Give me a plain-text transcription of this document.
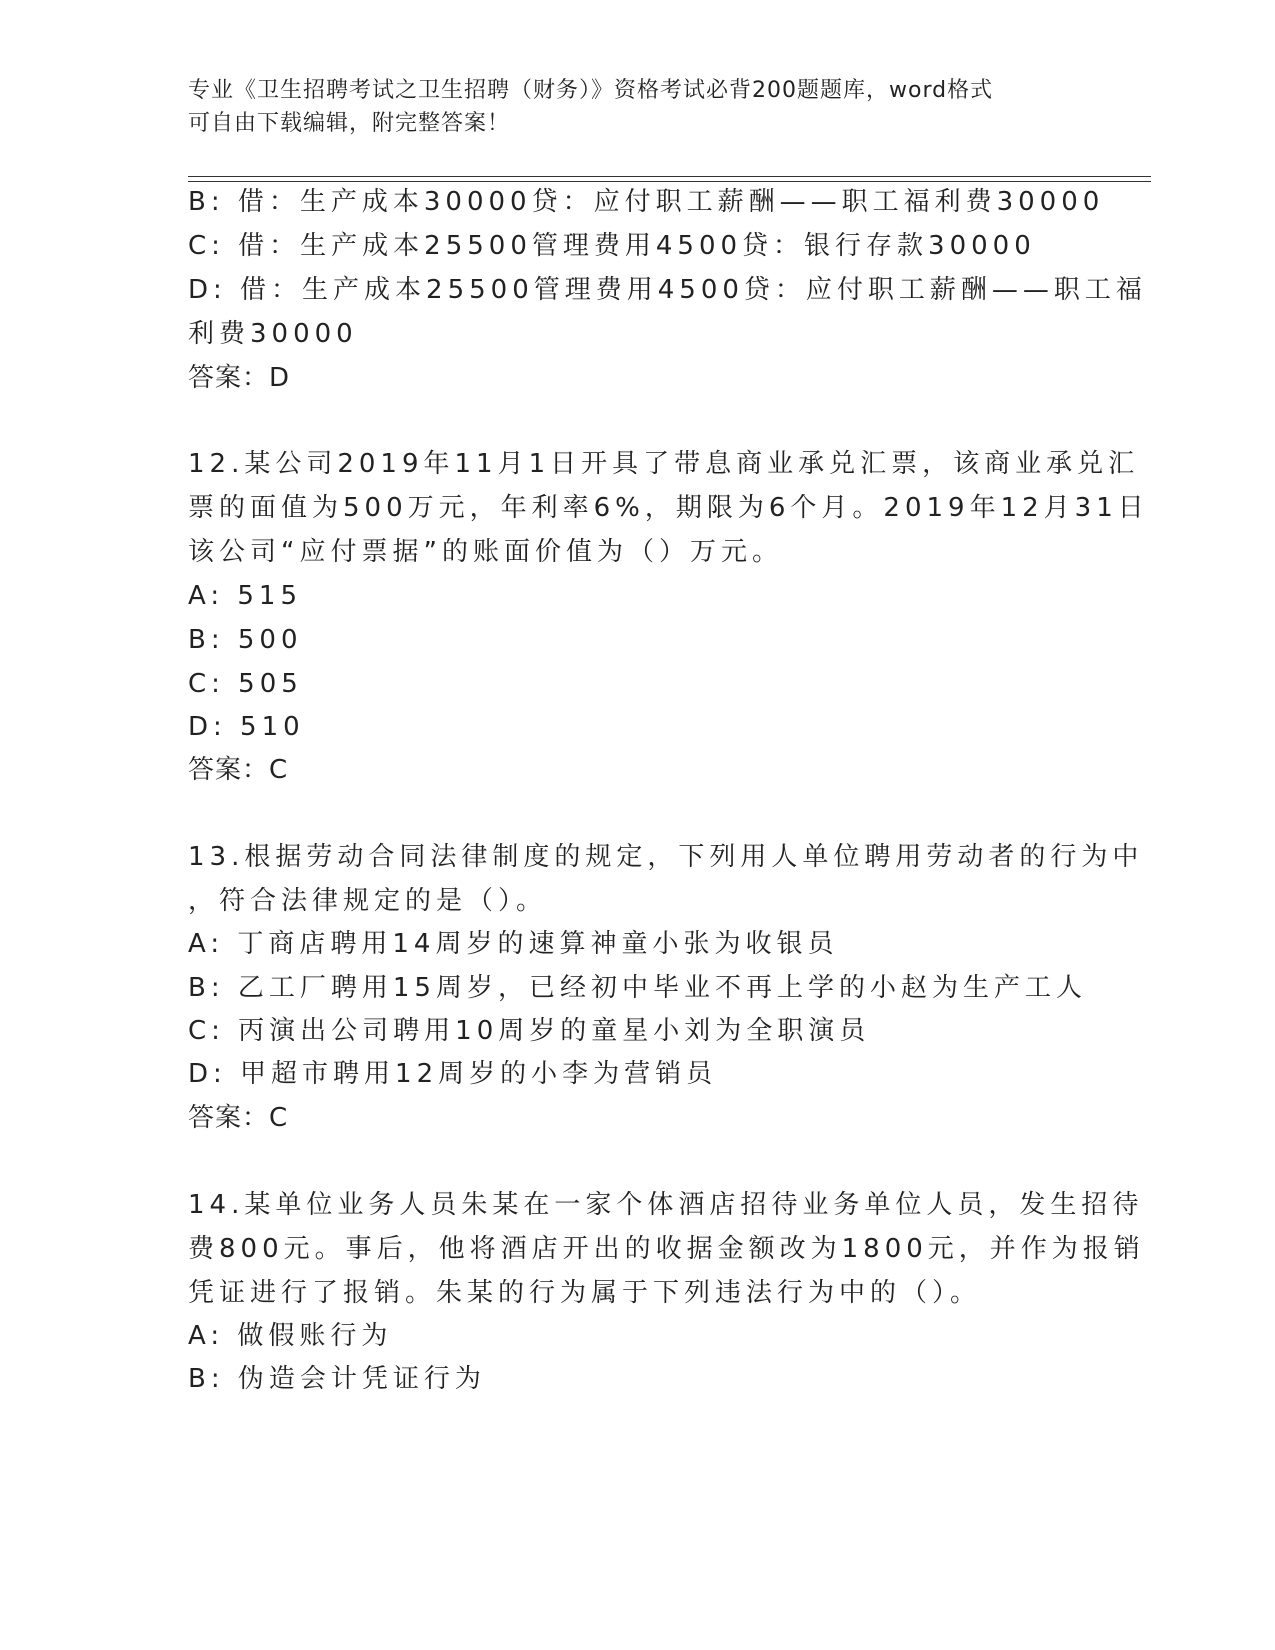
专业《卫生招聘考试之卫生招聘（财务）》资格考试必背200题题库，word格式
可自由下载编辑，附完整答案！
B: 借：生产成本30000贷：应付职工薪酬——职工福利费30000
C: 借：生产成本25500管理费用4500贷：银行存款30000
D: 借：生产成本25500管理费用4500贷：应付职工薪酬——职工福
利费30000
答案：D
12.某公司2019年11月1日开具了带息商业承兑汇票，该商业承兑汇
票的面值为500万元，年利率6%，期限为6个月。2019年12月31日
该公司“应付票据”的账面价值为（）万元。
A: 515
B: 500
C: 505
D: 510
答案：C
13.根据劳动合同法律制度的规定，下列用人单位聘用劳动者的行为中
，符合法律规定的是（）。
A: 丁商店聘用14周岁的速算神童小张为收银员
B: 乙工厂聘用15周岁，已经初中毕业不再上学的小赵为生产工人
C: 丙演出公司聘用10周岁的童星小刘为全职演员
D: 甲超市聘用12周岁的小李为营销员
答案：C
14.某单位业务人员朱某在一家个体酒店招待业务单位人员，发生招待
费800元。事后，他将酒店开出的收据金额改为1800元，并作为报销
凭证进行了报销。朱某的行为属于下列违法行为中的（）。
A: 做假账行为
B: 伪造会计凭证行为
